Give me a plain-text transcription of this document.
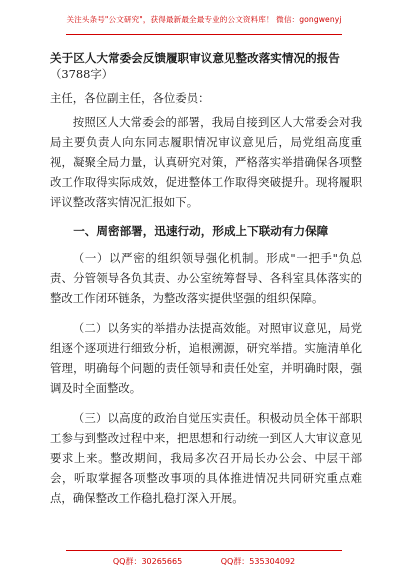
关注头条号"公文研究"，获得最新最全最专业的公文资料库！ 微信：gongwenyj
关于区人大常委会反馈履职审议意见整改落实情况的报告
（3788字）
主任，各位副主任，各位委员：

按照区人大常委会的部署，我局自接到区人大常委会对我局主要负责人向东同志履职情况审议意见后，局党组高度重视，凝聚全局力量，认真研究对策，严格落实举措确保各项整改工作取得实际成效，促进整体工作取得突破提升。现将履职评议整改落实情况汇报如下。

一、周密部署，迅速行动，形成上下联动有力保障

（一）以严密的组织领导强化机制。形成"一把手"负总责、分管领导各负其责、办公室统筹督导、各科室具体落实的整改工作闭环链条，为整改落实提供坚强的组织保障。

（二）以务实的举措办法提高效能。对照审议意见，局党组逐个逐项进行细致分析，追根溯源，研究举措。实施清单化管理，明确每个问题的责任领导和责任处室，并明确时限，强调及时全面整改。

（三）以高度的政治自觉压实责任。积极动员全体干部职工参与到整改过程中来，把思想和行动统一到区人大审议意见要求上来。整改期间，我局多次召开局长办公会、中层干部会，听取掌握各项整改事项的具体推进情况共同研究重点难点，确保整改工作稳扎稳打深入开展。

QQ群：30265665	QQ群：535304092
